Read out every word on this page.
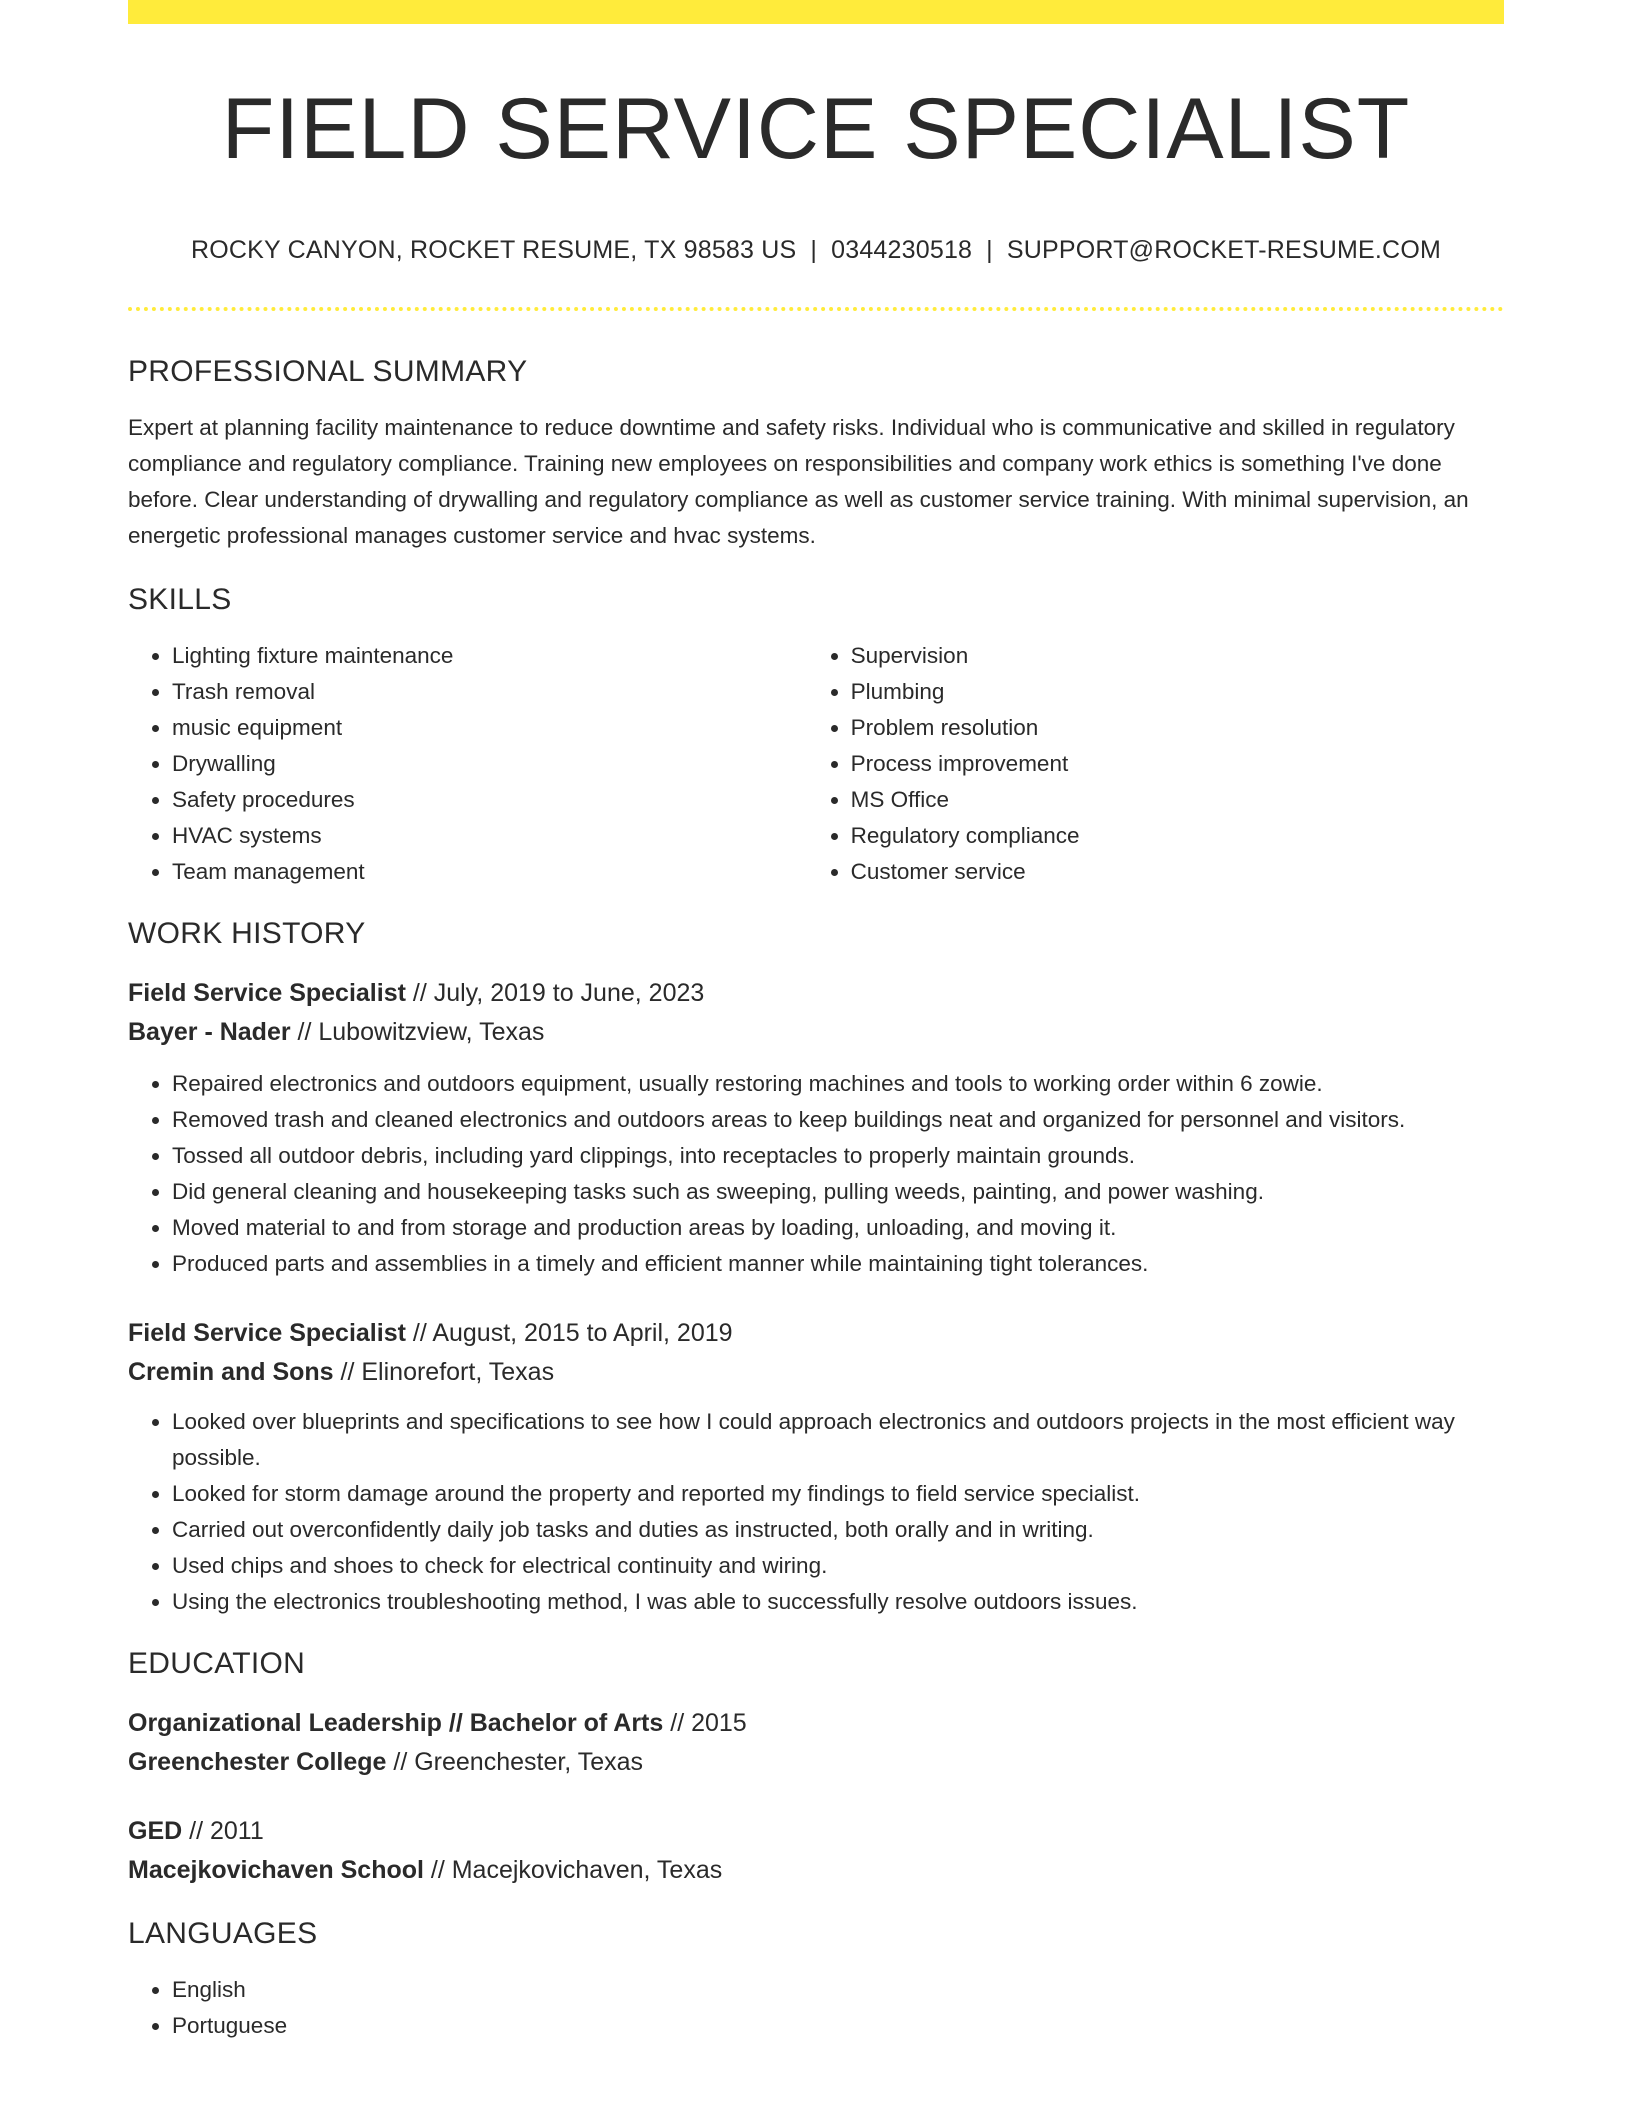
FIELD SERVICE SPECIALIST
ROCKY CANYON, ROCKET RESUME, TX 98583 US | 0344230518 | SUPPORT@ROCKET-RESUME.COM
PROFESSIONAL SUMMARY

Expert at planning facility maintenance to reduce downtime and safety risks. Individual who is communicative and skilled in regulatory compliance and regulatory compliance. Training new employees on responsibilities and company work ethics is something I've done before. Clear understanding of drywalling and regulatory compliance as well as customer service training. With minimal supervision, an energetic professional manages customer service and hvac systems.

SKILLS
• Lighting fixture maintenance
• Trash removal
• music equipment
• Drywalling
• Safety procedures
• HVAC systems
• Team management
• Supervision
• Plumbing
• Problem resolution
• Process improvement
• MS Office
• Regulatory compliance
• Customer service
WORK HISTORY
Field Service Specialist // July, 2019 to June, 2023
Bayer - Nader // Lubowitzview, Texas
• Repaired electronics and outdoors equipment, usually restoring machines and tools to working order within 6 zowie.
• Removed trash and cleaned electronics and outdoors areas to keep buildings neat and organized for personnel and visitors.
• Tossed all outdoor debris, including yard clippings, into receptacles to properly maintain grounds.
• Did general cleaning and housekeeping tasks such as sweeping, pulling weeds, painting, and power washing.
• Moved material to and from storage and production areas by loading, unloading, and moving it.
• Produced parts and assemblies in a timely and efficient manner while maintaining tight tolerances.
Field Service Specialist // August, 2015 to April, 2019
Cremin and Sons // Elinorefort, Texas
• Looked over blueprints and specifications to see how I could approach electronics and outdoors projects in the most efficient way possible.
• Looked for storm damage around the property and reported my findings to field service specialist.
• Carried out overconfidently daily job tasks and duties as instructed, both orally and in writing.
• Used chips and shoes to check for electrical continuity and wiring.
• Using the electronics troubleshooting method, I was able to successfully resolve outdoors issues.
EDUCATION
Organizational Leadership // Bachelor of Arts // 2015
Greenchester College // Greenchester, Texas
GED // 2011
Macejkovichaven School // Macejkovichaven, Texas
LANGUAGES
• English
• Portuguese
